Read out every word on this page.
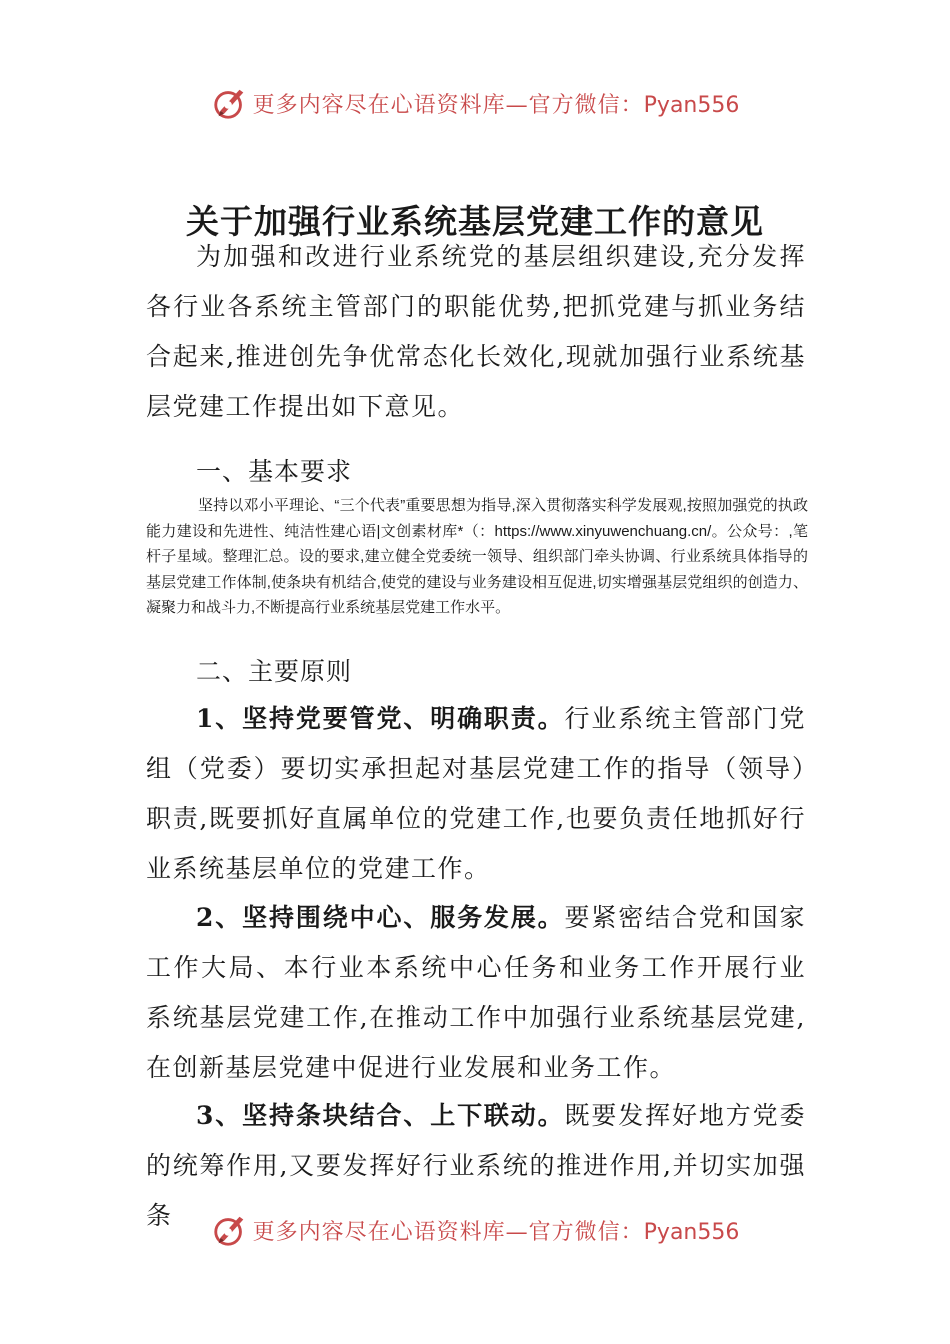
更多内容尽在心语资料库—官方微信：Pyan556
关于加强行业系统基层党建工作的意见

为加强和改进行业系统党的基层组织建设,充分发挥各行业各系统主管部门的职能优势,把抓党建与抓业务结合起来,推进创先争优常态化长效化,现就加强行业系统基层党建工作提出如下意见。

一、基本要求

坚持以邓小平理论、“三个代表”重要思想为指导,深入贯彻落实科学发展观,按照加强党的执政能力建设和先进性、纯洁性建心语|文创素材库*（：https://www.xinyuwenchuang.cn/。公众号：,笔杆子星域。整理汇总。设的要求,建立健全党委统一领导、组织部门牵头协调、行业系统具体指导的基层党建工作体制,使条块有机结合,使党的建设与业务建设相互促进,切实增强基层党组织的创造力、凝聚力和战斗力,不断提高行业系统基层党建工作水平。

二、主要原则

1、坚持党要管党、明确职责。行业系统主管部门党组（党委）要切实承担起对基层党建工作的指导（领导）职责,既要抓好直属单位的党建工作,也要负责任地抓好行业系统基层单位的党建工作。

2、坚持围绕中心、服务发展。要紧密结合党和国家工作大局、本行业本系统中心任务和业务工作开展行业系统基层党建工作,在推动工作中加强行业系统基层党建,在创新基层党建中促进行业发展和业务工作。

3、坚持条块结合、上下联动。既要发挥好地方党委的统筹作用,又要发挥好行业系统的推进作用,并切实加强条

更多内容尽在心语资料库—官方微信：Pyan556
